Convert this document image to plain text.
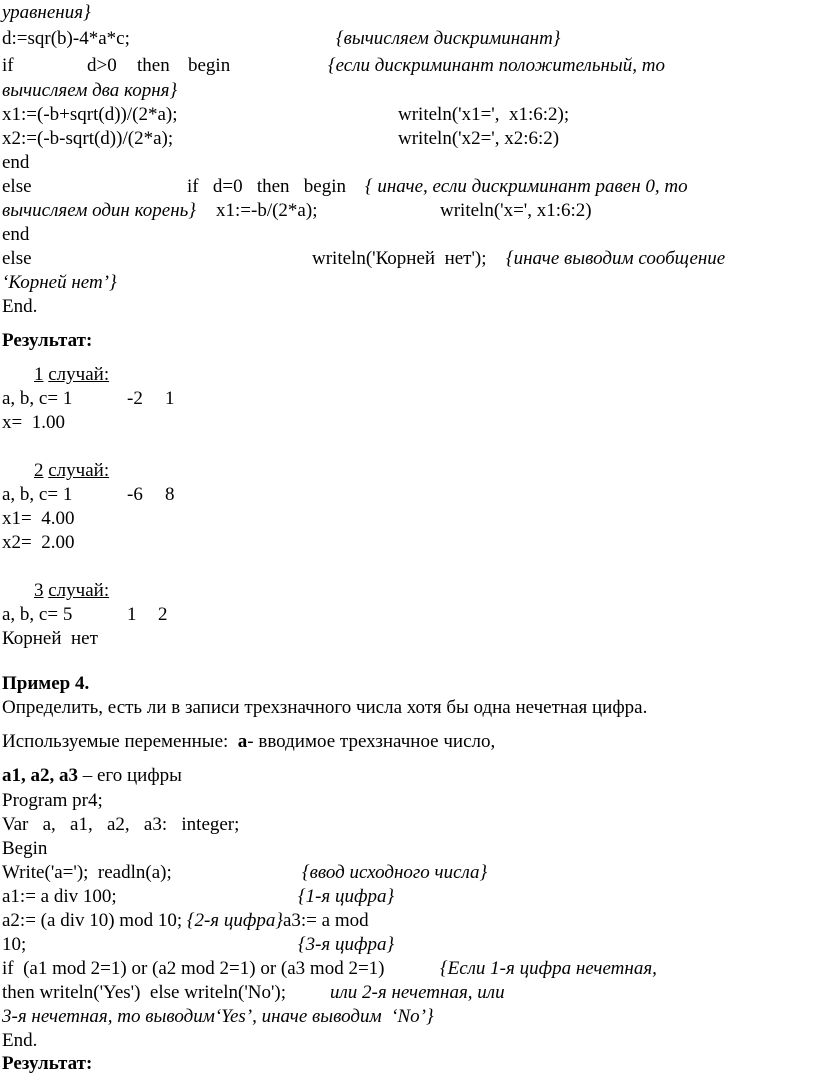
уравнения}
d:=sqr(b)-4*a*c;	{вычисляем дискриминант}
if	d>0 then begin	{если дискриминант положительный, то
вычисляем два корня}
x1:=(-b+sqrt(d))/(2*a);	writeln('x1=',  x1:6:2);
x2:=(-b-sqrt(d))/(2*a);	writeln('x2=', x2:6:2)
end
else	if   d=0   then   begin { иначе, если дискриминант равен 0, то
вычисляем один корень} x1:=-b/(2*a);	writeln('x=', x1:6:2)
end
else	writeln('Корней  нет'); {иначе выводим сообщение
‘Корней нет’}
End.
Результат:
1 случай:
a, b, c= 1	-2 1
x=  1.00
2 случай:
a, b, c= 1	-6 8
x1=  4.00
x2=  2.00
3 случай:
a, b, c= 5	1 2
Корней  нет
Пример 4.
Определить, есть ли в записи трехзначного числа хотя бы одна нечетная цифра.
Используемые переменные: а- вводимое трехзначное число,
а1, а2, а3 – его цифры
Program pr4;
Var   a,   a1,   a2,   a3:   integer;
Begin
Write('a=');  readln(a);	{ввод исходного числа}
a1:= a div 100;	{1-я цифра}
a2:= (a div 10) mod 10; {2-я цифра}a3:= a mod
10;	{3-я цифра}
if  (a1 mod 2=1) or (a2 mod 2=1) or (a3 mod 2=1)	{Если 1-я цифра нечетная,
then writeln('Yes')  else writeln('No'); или 2-я нечетная, или
3-я нечетная, то выводим‘Yes’, иначе выводим  ‘No’}
End.
Результат:
